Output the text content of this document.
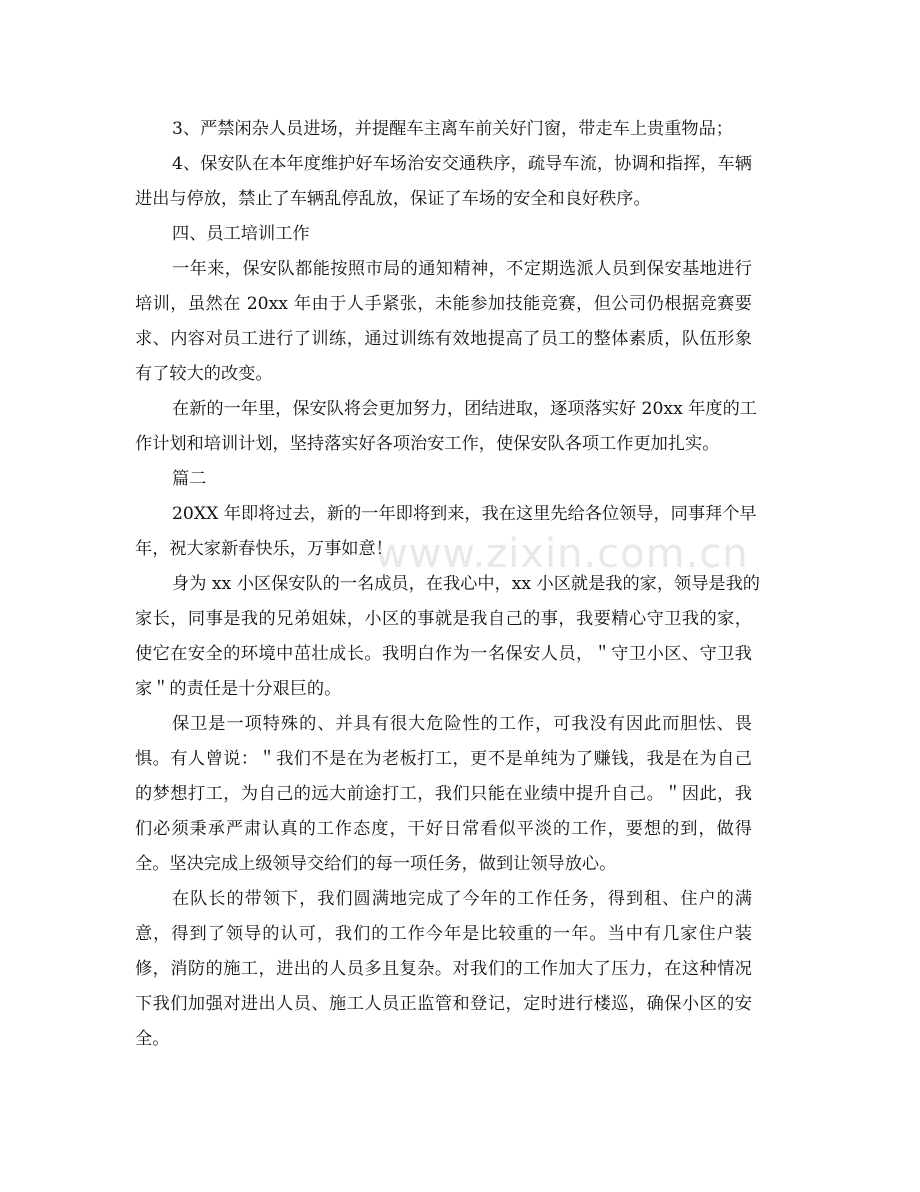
www.zixin.com.cn

3、严禁闲杂人员进场，并提醒车主离车前关好门窗，带走车上贵重物品；

4、保安队在本年度维护好车场治安交通秩序，疏导车流，协调和指挥，车辆
进出与停放，禁止了车辆乱停乱放，保证了车场的安全和良好秩序。

四、员工培训工作

一年来，保安队都能按照市局的通知精神，不定期选派人员到保安基地进行
培训，虽然在 20xx 年由于人手紧张，未能参加技能竞赛，但公司仍根据竞赛要
求、内容对员工进行了训练，通过训练有效地提高了员工的整体素质，队伍形象
有了较大的改变。

在新的一年里，保安队将会更加努力，团结进取，逐项落实好 20xx 年度的工
作计划和培训计划，坚持落实好各项治安工作，使保安队各项工作更加扎实。

篇二

20XX 年即将过去，新的一年即将到来，我在这里先给各位领导，同事拜个早
年，祝大家新春快乐，万事如意！

身为 xx 小区保安队的一名成员，在我心中，xx 小区就是我的家，领导是我的
家长，同事是我的兄弟姐妹，小区的事就是我自己的事，我要精心守卫我的家，
使它在安全的环境中茁壮成长。我明白作为一名保安人员，＂守卫小区、守卫我
家＂的责任是十分艰巨的。

保卫是一项特殊的、并具有很大危险性的工作，可我没有因此而胆怯、畏
惧。有人曾说：＂我们不是在为老板打工，更不是单纯为了赚钱，我是在为自己
的梦想打工，为自己的远大前途打工，我们只能在业绩中提升自己。＂因此，我
们必须秉承严肃认真的工作态度，干好日常看似平淡的工作，要想的到，做得
全。坚决完成上级领导交给们的每一项任务，做到让领导放心。

在队长的带领下，我们圆满地完成了今年的工作任务，得到租、住户的满
意，得到了领导的认可，我们的工作今年是比较重的一年。当中有几家住户装
修，消防的施工，进出的人员多且复杂。对我们的工作加大了压力，在这种情况
下我们加强对进出人员、施工人员正监管和登记，定时进行楼巡，确保小区的安
全。
